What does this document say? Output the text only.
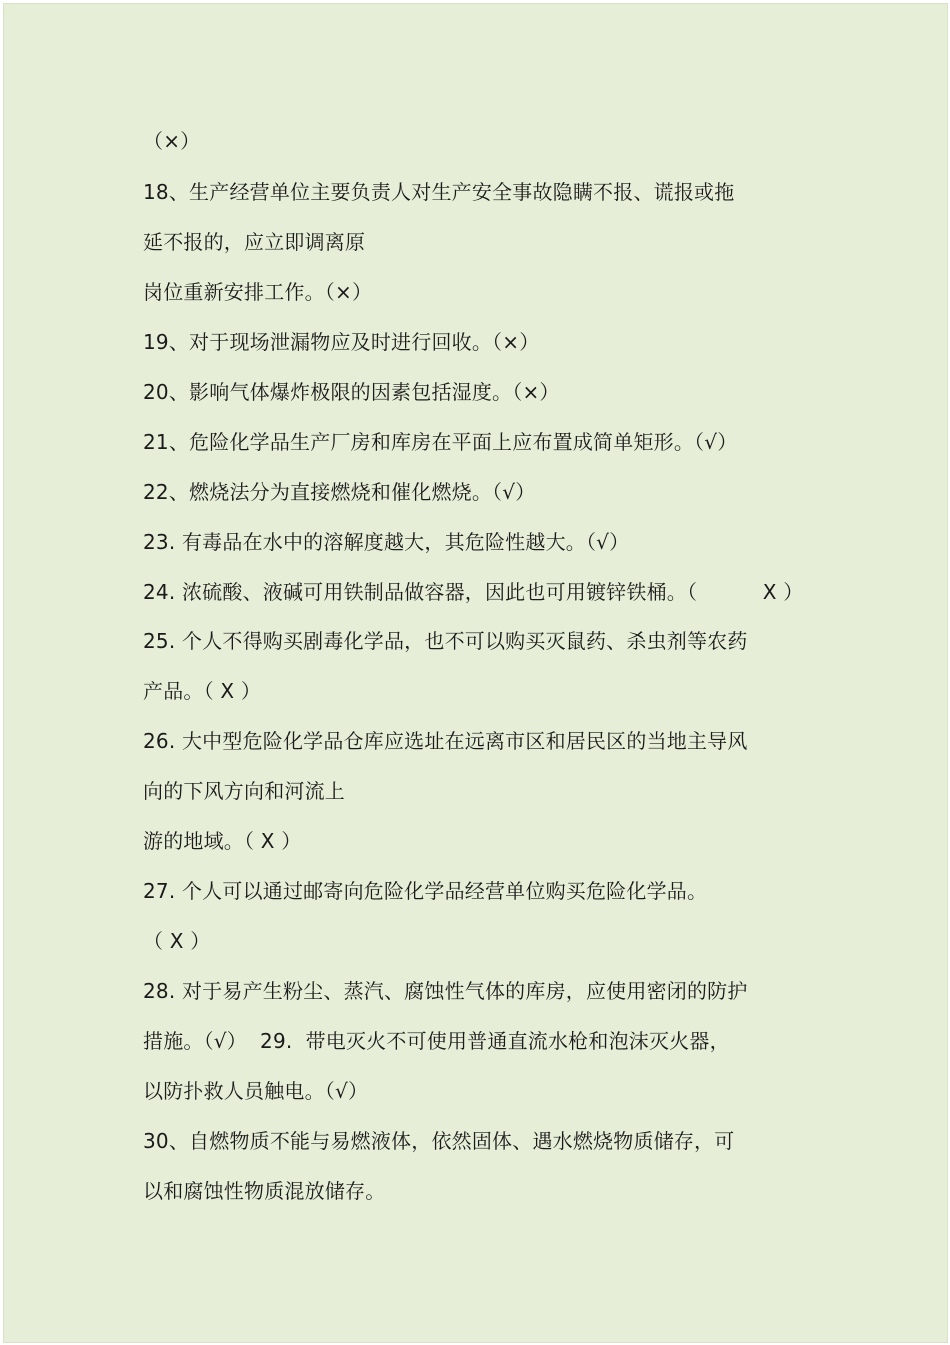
（×）

18、生产经营单位主要负责人对生产安全事故隐瞒不报、谎报或拖

延不报的，应立即调离原

岗位重新安排工作。（×）

19、对于现场泄漏物应及时进行回收。（×）

20、影响气体爆炸极限的因素包括湿度。（×）

21、危险化学品生产厂房和库房在平面上应布置成简单矩形。（√）

22、燃烧法分为直接燃烧和催化燃烧。（√）

23. 有毒品在水中的溶解度越大，其危险性越大。（√）

24. 浓硫酸、液碱可用铁制品做容器，因此也可用镀锌铁桶。（          X ）

25. 个人不得购买剧毒化学品，也不可以购买灭鼠药、杀虫剂等农药

产品。（ X ）

26. 大中型危险化学品仓库应选址在远离市区和居民区的当地主导风

向的下风方向和河流上

游的地域。（ X ）

27. 个人可以通过邮寄向危险化学品经营单位购买危险化学品。

（ X ）

28. 对于易产生粉尘、蒸汽、腐蚀性气体的库房，应使用密闭的防护

措施。（√）  29.  带电灭火不可使用普通直流水枪和泡沫灭火器，

以防扑救人员触电。（√）

30、自燃物质不能与易燃液体，依然固体、遇水燃烧物质储存，可

以和腐蚀性物质混放储存。
